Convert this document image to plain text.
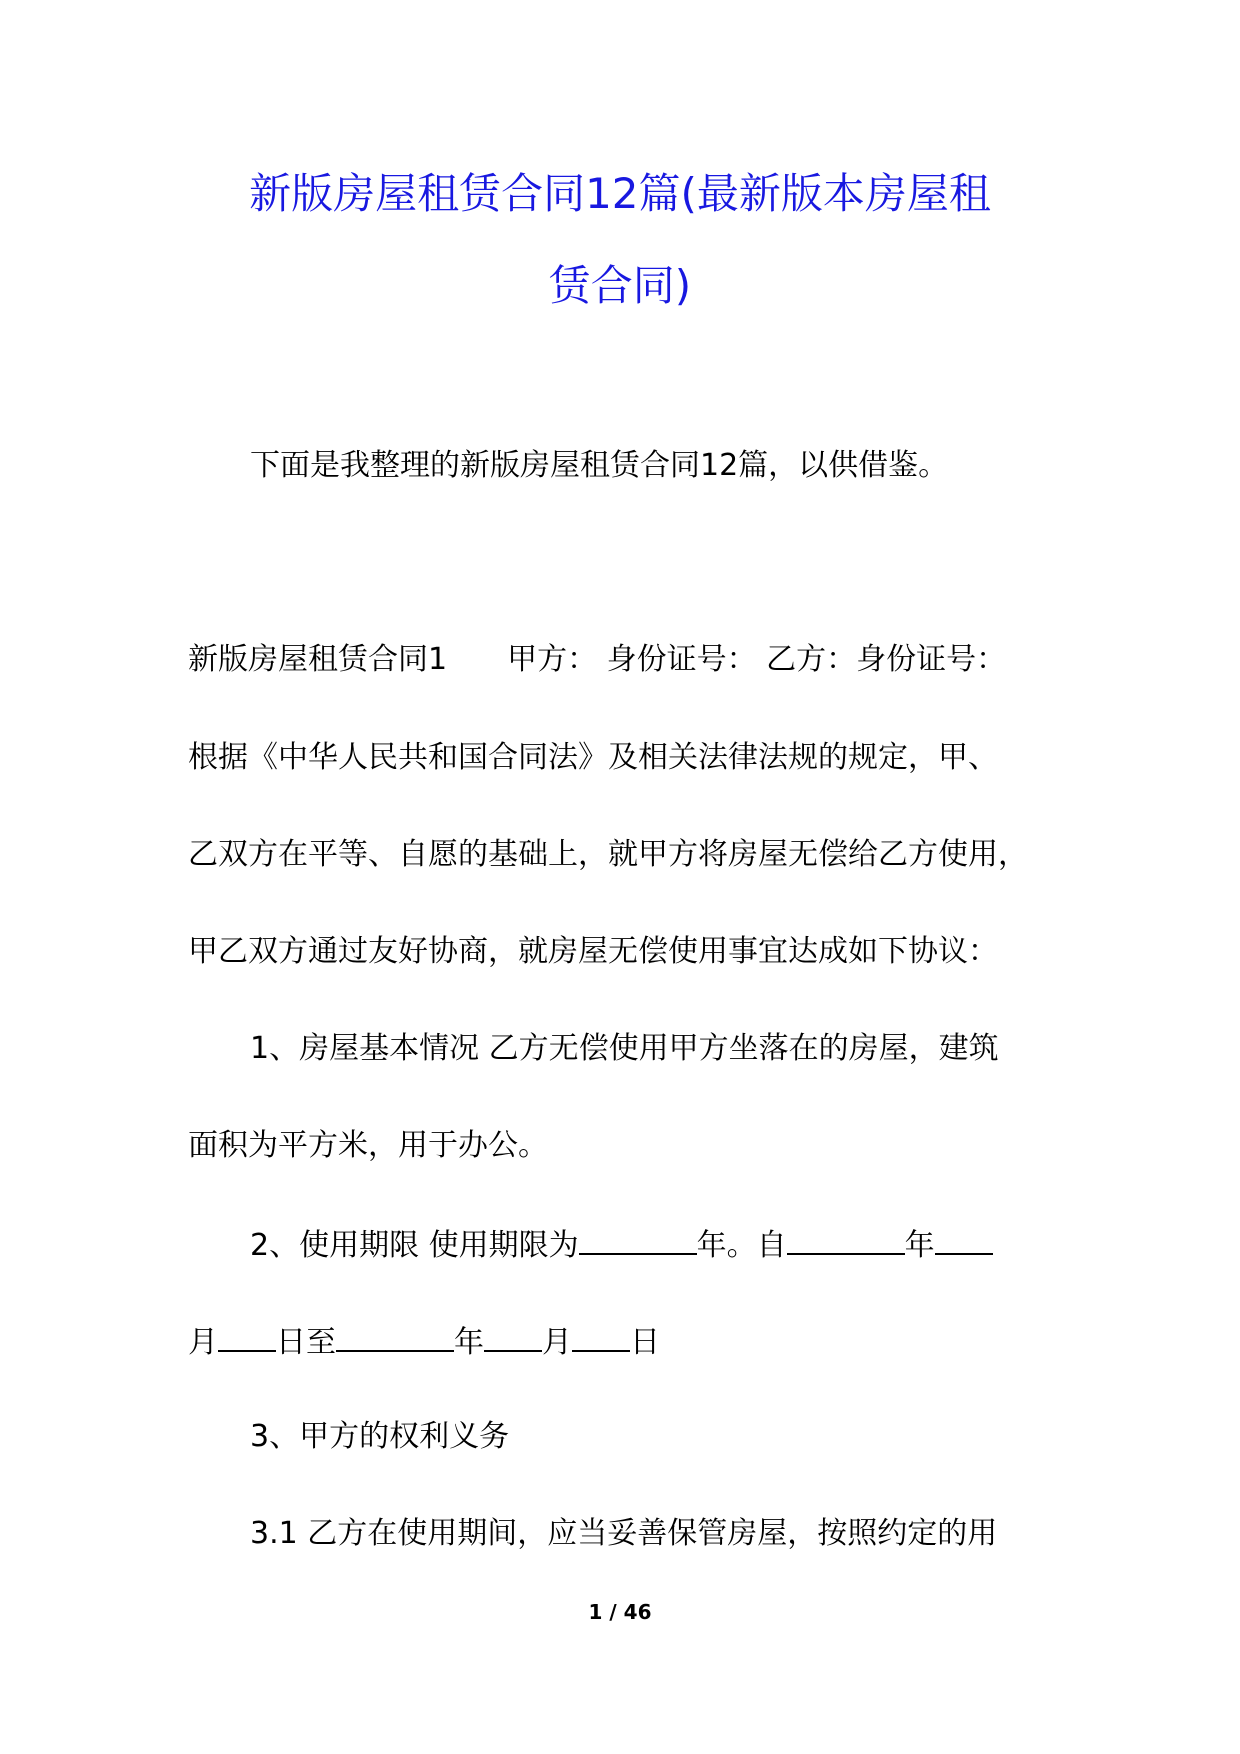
新版房屋租赁合同12篇(最新版本房屋租
赁合同)

下面是我整理的新版房屋租赁合同12篇，以供借鉴。

新版房屋租赁合同1 甲方： 身份证号： 乙方：身份证号：

根据《中华人民共和国合同法》及相关法律法规的规定，甲、

乙双方在平等、自愿的基础上，就甲方将房屋无偿给乙方使用，

甲乙双方通过友好协商，就房屋无偿使用事宜达成如下协议：

1、房屋基本情况 乙方无偿使用甲方坐落在的房屋，建筑

面积为平方米，用于办公。

2、使用期限 使用期限为	年。自	年

月 日至	年 月 日

3、甲方的权利义务

3.1 乙方在使用期间，应当妥善保管房屋，按照约定的用

1 / 46
